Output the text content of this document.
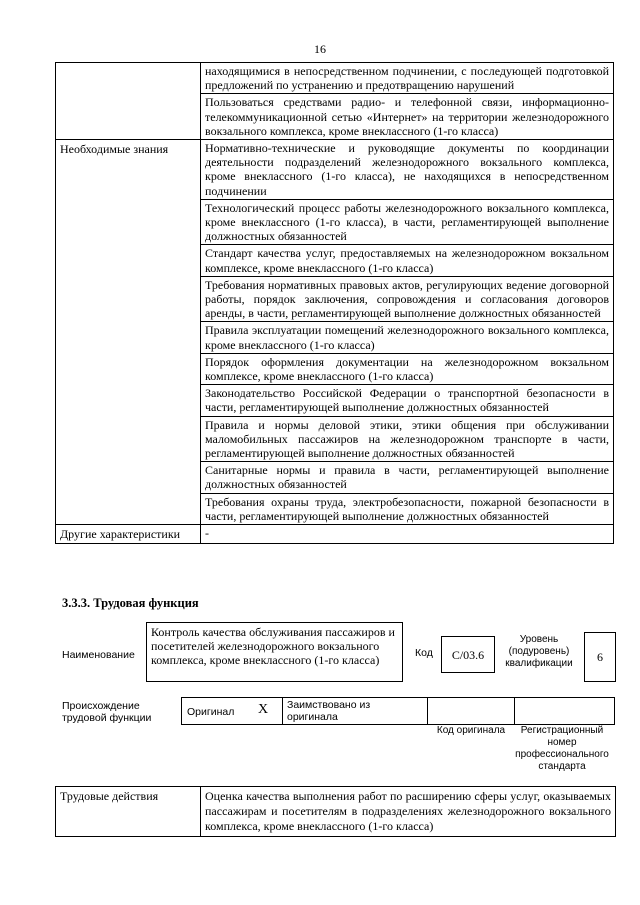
16
	находящимися в непосредственном подчинении, с последующей подготовкой предложений по устранению и предотвращению нарушений
	Пользоваться средствами радио- и телефонной связи, информационно-телекоммуникационной сетью «Интернет» на территории железнодорожного вокзального комплекса, кроме внеклассного (1-го класса)
Необходимые знания	Нормативно-технические и руководящие документы по координации деятельности подразделений железнодорожного вокзального комплекса, кроме внеклассного (1-го класса), не находящихся в непосредственном подчинении
	Технологический процесс работы железнодорожного вокзального комплекса, кроме внеклассного (1-го класса), в части, регламентирующей выполнение должностных обязанностей
	Стандарт качества услуг, предоставляемых на железнодорожном вокзальном комплексе, кроме внеклассного (1-го класса)
	Требования нормативных правовых актов, регулирующих ведение договорной работы, порядок заключения, сопровождения и согласования договоров аренды, в части, регламентирующей выполнение должностных обязанностей
	Правила эксплуатации помещений железнодорожного вокзального комплекса, кроме внеклассного (1-го класса)
	Порядок оформления документации на железнодорожном вокзальном комплексе, кроме внеклассного (1-го класса)
	Законодательство Российской Федерации о транспортной безопасности в части, регламентирующей выполнение должностных обязанностей
	Правила и нормы деловой этики, этики общения при обслуживании маломобильных пассажиров на железнодорожном транспорте в части, регламентирующей выполнение должностных обязанностей
	Санитарные нормы и правила в части, регламентирующей выполнение должностных обязанностей
	Требования охраны труда, электробезопасности, пожарной безопасности в части, регламентирующей выполнение должностных обязанностей
Другие характеристики	-
3.3.3. Трудовая функция
Наименование
Контроль качества обслуживания пассажиров и посетителей железнодорожного вокзального комплекса, кроме внеклассного (1-го класса)	Код С/03.6
Уровень (подуровень) квалификации	6
Происхождение трудовой функции	Оригинал X Заимствовано из оригинала
Код оригинала	Регистрационный номер профессионального стандарта
Трудовые действия	Оценка качества выполнения работ по расширению сферы услуг, оказываемых пассажирам и посетителям в подразделениях железнодорожного вокзального комплекса, кроме внеклассного (1-го класса)
